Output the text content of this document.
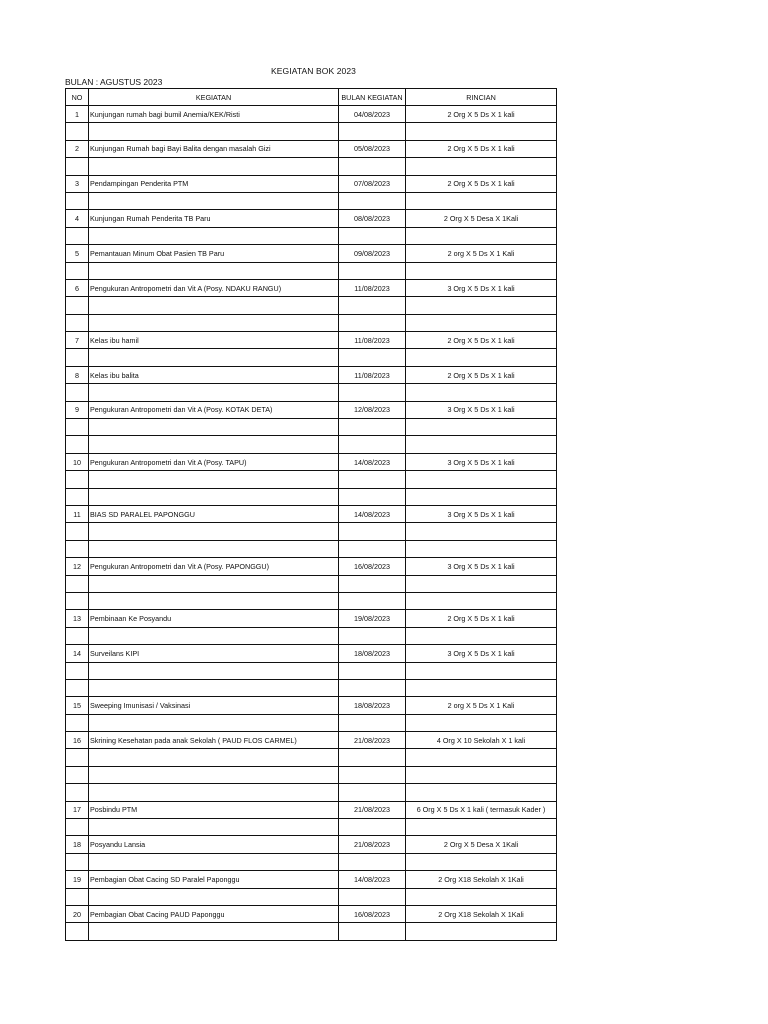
KEGIATAN BOK 2023
BULAN : AGUSTUS 2023
NO	KEGIATAN	BULAN KEGIATAN	RINCIAN
1	Kunjungan rumah bagi bumil Anemia/KEK/Risti	04/08/2023	2 Org X 5 Ds X 1 kali

2	Kunjungan Rumah bagi Bayi Balita dengan masalah Gizi	05/08/2023	2 Org X 5 Ds X 1 kali

3	Pendampingan Penderita PTM	07/08/2023	2 Org X 5 Ds X 1 kali

4	Kunjungan Rumah Penderita TB Paru	08/08/2023	2 Org X 5 Desa X 1Kali

5	Pemantauan Minum Obat Pasien TB Paru	09/08/2023	2 org X 5 Ds X 1 Kali

6	Pengukuran Antropometri dan Vit A (Posy. NDAKU RANGU)	11/08/2023	3 Org X 5 Ds X 1 kali

7	Kelas ibu hamil	11/08/2023	2 Org X 5 Ds X 1 kali

8	Kelas ibu balita	11/08/2023	2 Org X 5 Ds X 1 kali

9	Pengukuran Antropometri dan Vit A (Posy. KOTAK DETA)	12/08/2023	3 Org X 5 Ds X 1 kali

10	Pengukuran Antropometri dan Vit A (Posy. TAPU)	14/08/2023	3 Org X 5 Ds X 1 kali

11	BIAS SD PARALEL PAPONGGU	14/08/2023	3 Org X 5 Ds X 1 kali

12	Pengukuran Antropometri dan Vit A (Posy. PAPONGGU)	16/08/2023	3 Org X 5 Ds X 1 kali

13	Pembinaan Ke Posyandu	19/08/2023	2 Org X 5 Ds X 1 kali

14	Surveilans KIPI	18/08/2023	3 Org X 5 Ds X 1 kali

15	Sweeping Imunisasi / Vaksinasi	18/08/2023	2 org X 5 Ds X 1 Kali

16	Skrining Kesehatan pada anak Sekolah ( PAUD FLOS CARMEL)	21/08/2023	4 Org X 10 Sekolah X 1 kali

17	Posbindu PTM	21/08/2023	6 Org X 5 Ds X 1 kali ( termasuk Kader )

18	Posyandu Lansia	21/08/2023	2 Org X 5 Desa X 1Kali

19	Pembagian Obat Cacing SD Paralel Paponggu	14/08/2023	2 Org X18 Sekolah X 1Kali

20	Pembagian Obat Cacing PAUD Paponggu	16/08/2023	2 Org X18 Sekolah X 1Kali
